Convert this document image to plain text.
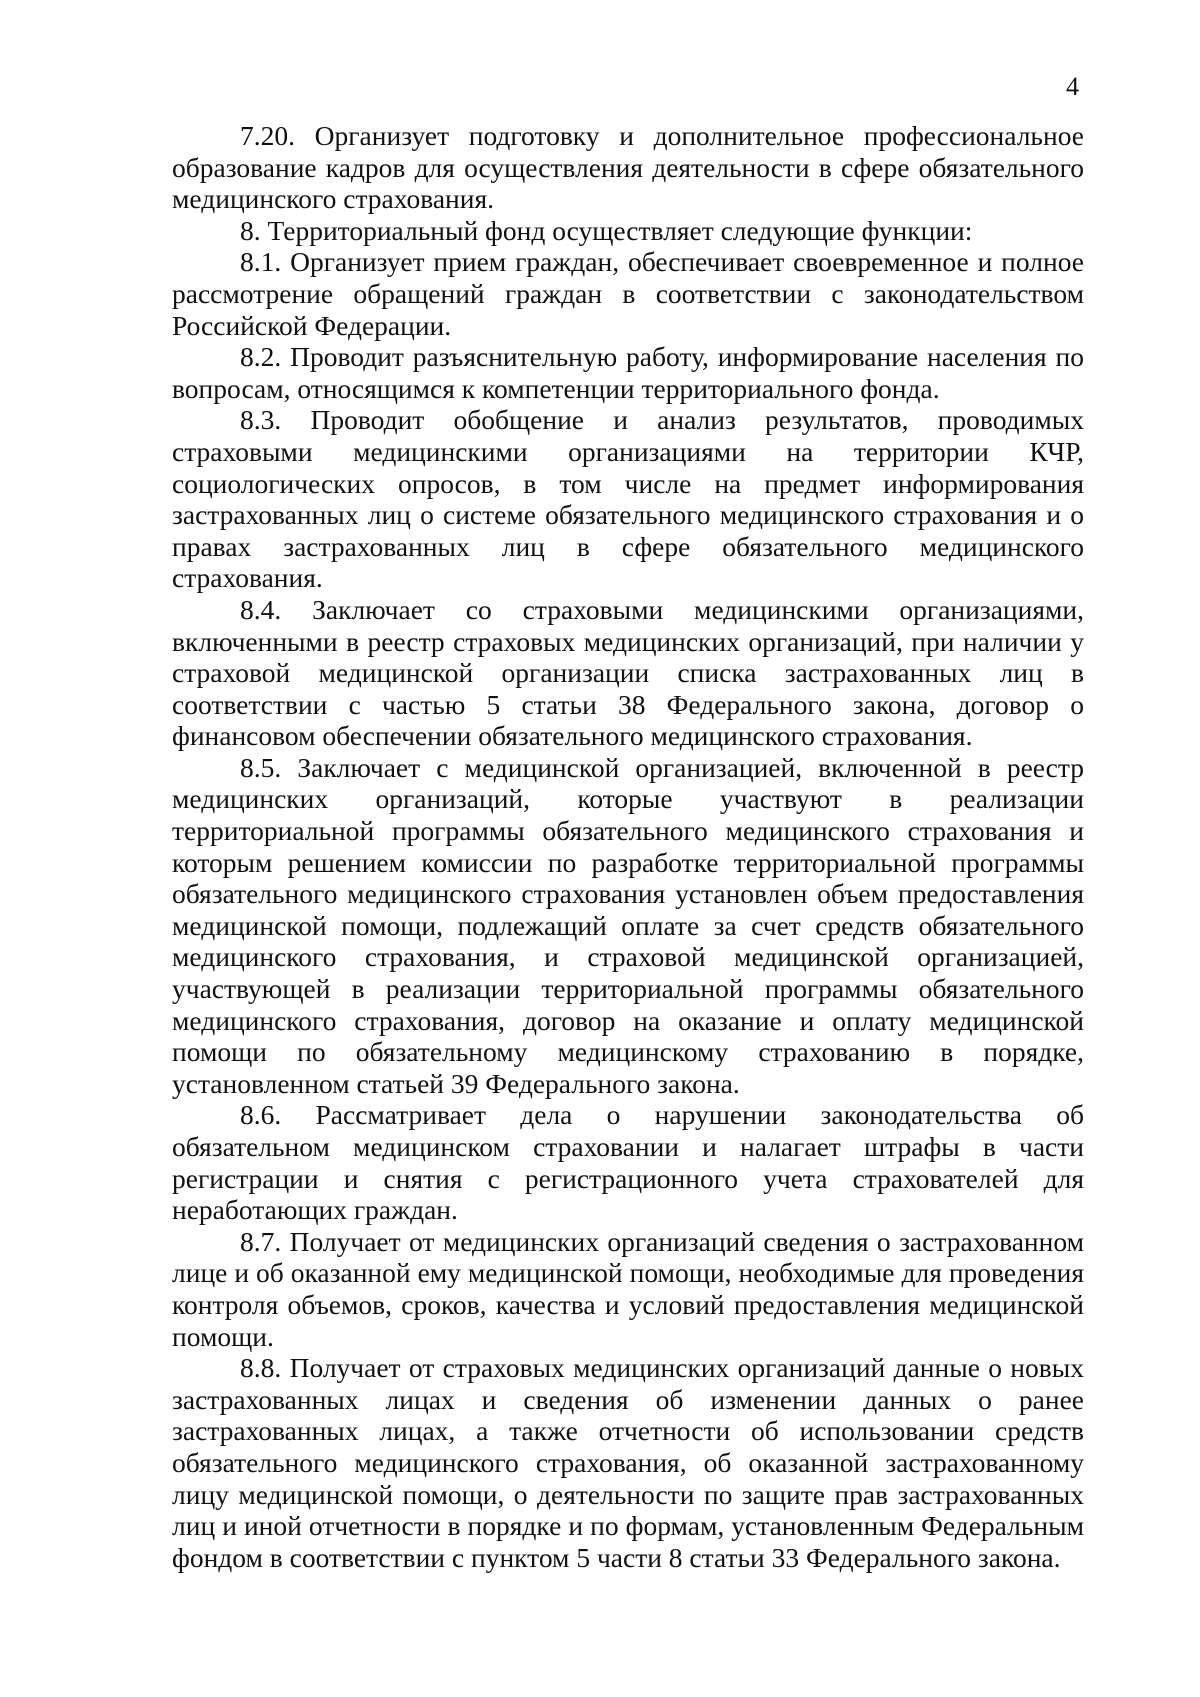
4

7.20. Организует подготовку и дополнительное профессиональное образование кадров для осуществления деятельности в сфере обязательного медицинского страхования.

8. Территориальный фонд осуществляет следующие функции:

8.1. Организует прием граждан, обеспечивает своевременное и полное рассмотрение обращений граждан в соответствии с законодательством Российской Федерации.

8.2. Проводит разъяснительную работу, информирование населения по вопросам, относящимся к компетенции территориального фонда.

8.3. Проводит обобщение и анализ результатов, проводимых страховыми медицинскими организациями на территории КЧР, социологических опросов, в том числе на предмет информирования застрахованных лиц о системе обязательного медицинского страхования и о правах застрахованных лиц в сфере обязательного медицинского страхования.

8.4. Заключает со страховыми медицинскими организациями, включенными в реестр страховых медицинских организаций, при наличии у страховой медицинской организации списка застрахованных лиц в соответствии с частью 5 статьи 38 Федерального закона, договор о финансовом обеспечении обязательного медицинского страхования.

8.5. Заключает с медицинской организацией, включенной в реестр медицинских организаций, которые участвуют в реализации территориальной программы обязательного медицинского страхования и которым решением комиссии по разработке территориальной программы обязательного медицинского страхования установлен объем предоставления медицинской помощи, подлежащий оплате за счет средств обязательного медицинского страхования, и страховой медицинской организацией, участвующей в реализации территориальной программы обязательного медицинского страхования, договор на оказание и оплату медицинской помощи по обязательному медицинскому страхованию в порядке, установленном статьей 39 Федерального закона.

8.6. Рассматривает дела о нарушении законодательства об обязательном медицинском страховании и налагает штрафы в части регистрации и снятия с регистрационного учета страхователей для неработающих граждан.

8.7. Получает от медицинских организаций сведения о застрахованном лице и об оказанной ему медицинской помощи, необходимые для проведения контроля объемов, сроков, качества и условий предоставления медицинской помощи.

8.8. Получает от страховых медицинских организаций данные о новых застрахованных лицах и сведения об изменении данных о ранее застрахованных лицах, а также отчетности об использовании средств обязательного медицинского страхования, об оказанной застрахованному лицу медицинской помощи, о деятельности по защите прав застрахованных лиц и иной отчетности в порядке и по формам, установленным Федеральным фондом в соответствии с пунктом 5 части 8 статьи 33 Федерального закона.
